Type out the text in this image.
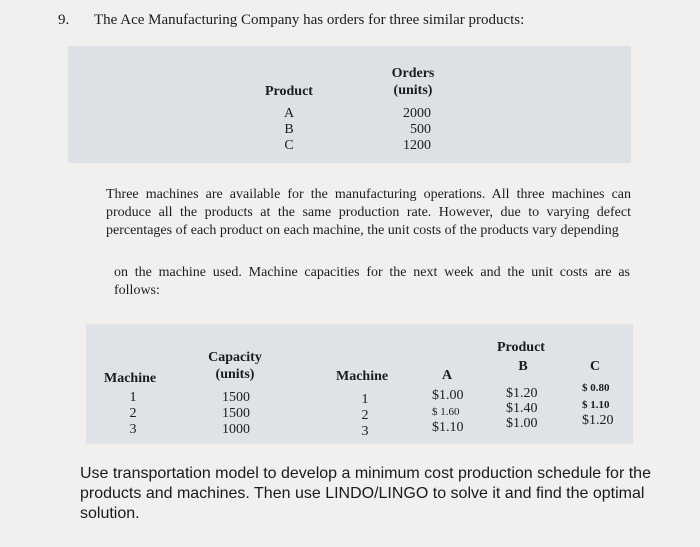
9. The Ace Manufacturing Company has orders for three similar products:
Product
Orders
(units)
A
B
C
2000
500
1200
Three machines are available for the manufacturing operations. All three machines can produce all the products at the same production rate. However, due to varying defect percentages of each product on each machine, the unit costs of the products vary depending
on the machine used. Machine capacities for the next week and the unit costs are as follows:
Machine
Capacity
(units)
1
2
3
1500
1500
1000
Product
Machine	A
B	C
1
2
3
$1.00
$ 1.60
$1.10
$1.20
$1.40
$1.00
$ 0.80
$ 1.10
$1.20
Use transportation model to develop a minimum cost production schedule for the products and machines. Then use LINDO/LINGO to solve it and find the optimal solution.
